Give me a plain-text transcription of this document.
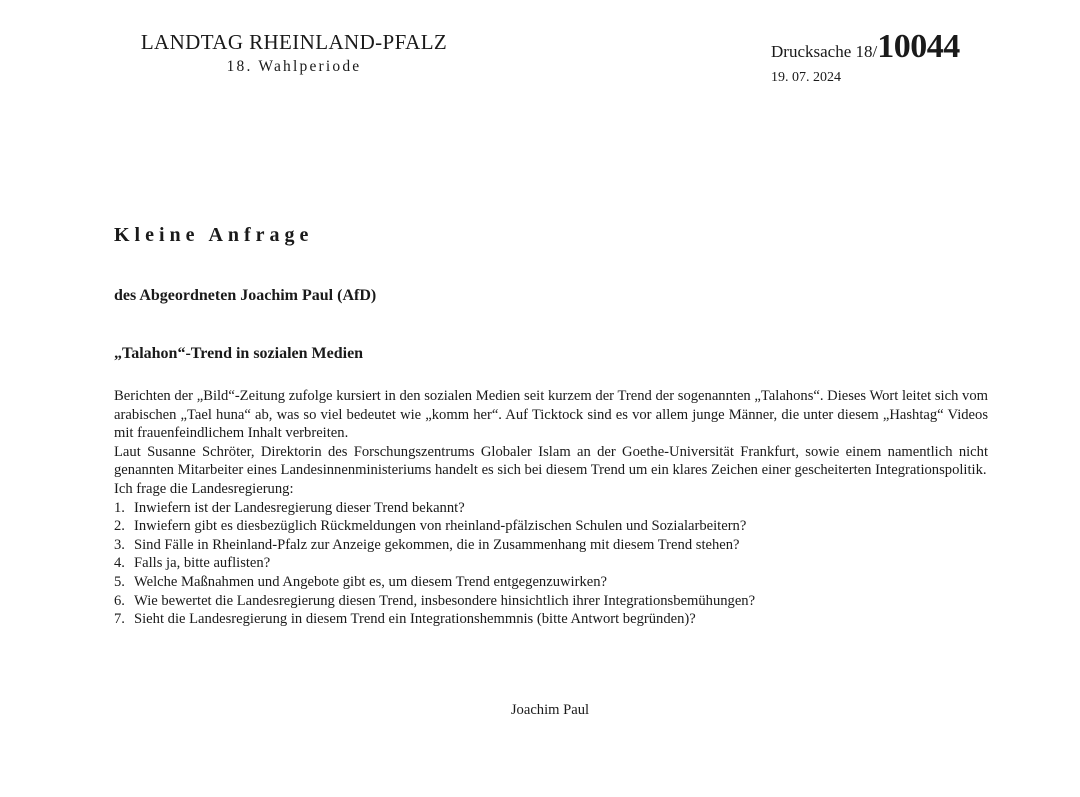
LANDTAG RHEINLAND-PFALZ
18. Wahlperiode
Drucksache 18/10044
19. 07. 2024
Kleine Anfrage
des Abgeordneten Joachim Paul (AfD)
„Talahon“-Trend in sozialen Medien

Berichten der „Bild“-Zeitung zufolge kursiert in den sozialen Medien seit kurzem der Trend der sogenannten „Talahons“. Dieses Wort leitet sich vom arabischen „Tael huna“ ab, was so viel bedeutet wie „komm her“. Auf Ticktock sind es vor allem junge Männer, die unter diesem „Hashtag“ Videos mit frauenfeindlichem Inhalt verbreiten.

Laut Susanne Schröter, Direktorin des Forschungszentrums Globaler Islam an der Goethe-Universität Frankfurt, sowie einem namentlich nicht genannten Mitarbeiter eines Landesinnenministeriums handelt es sich bei diesem Trend um ein klares Zeichen einer gescheiterten Integrationspolitik.

Ich frage die Landesregierung:

1. Inwiefern ist der Landesregierung dieser Trend bekannt?
2. Inwiefern gibt es diesbezüglich Rückmeldungen von rheinland-pfälzischen Schulen und Sozialarbeitern?
3. Sind Fälle in Rheinland-Pfalz zur Anzeige gekommen, die in Zusammenhang mit diesem Trend stehen?
4. Falls ja, bitte auflisten?
5. Welche Maßnahmen und Angebote gibt es, um diesem Trend entgegenzuwirken?
6. Wie bewertet die Landesregierung diesen Trend, insbesondere hinsichtlich ihrer Integrationsbemühungen?
7. Sieht die Landesregierung in diesem Trend ein Integrationshemmnis (bitte Antwort begründen)?
Joachim Paul
